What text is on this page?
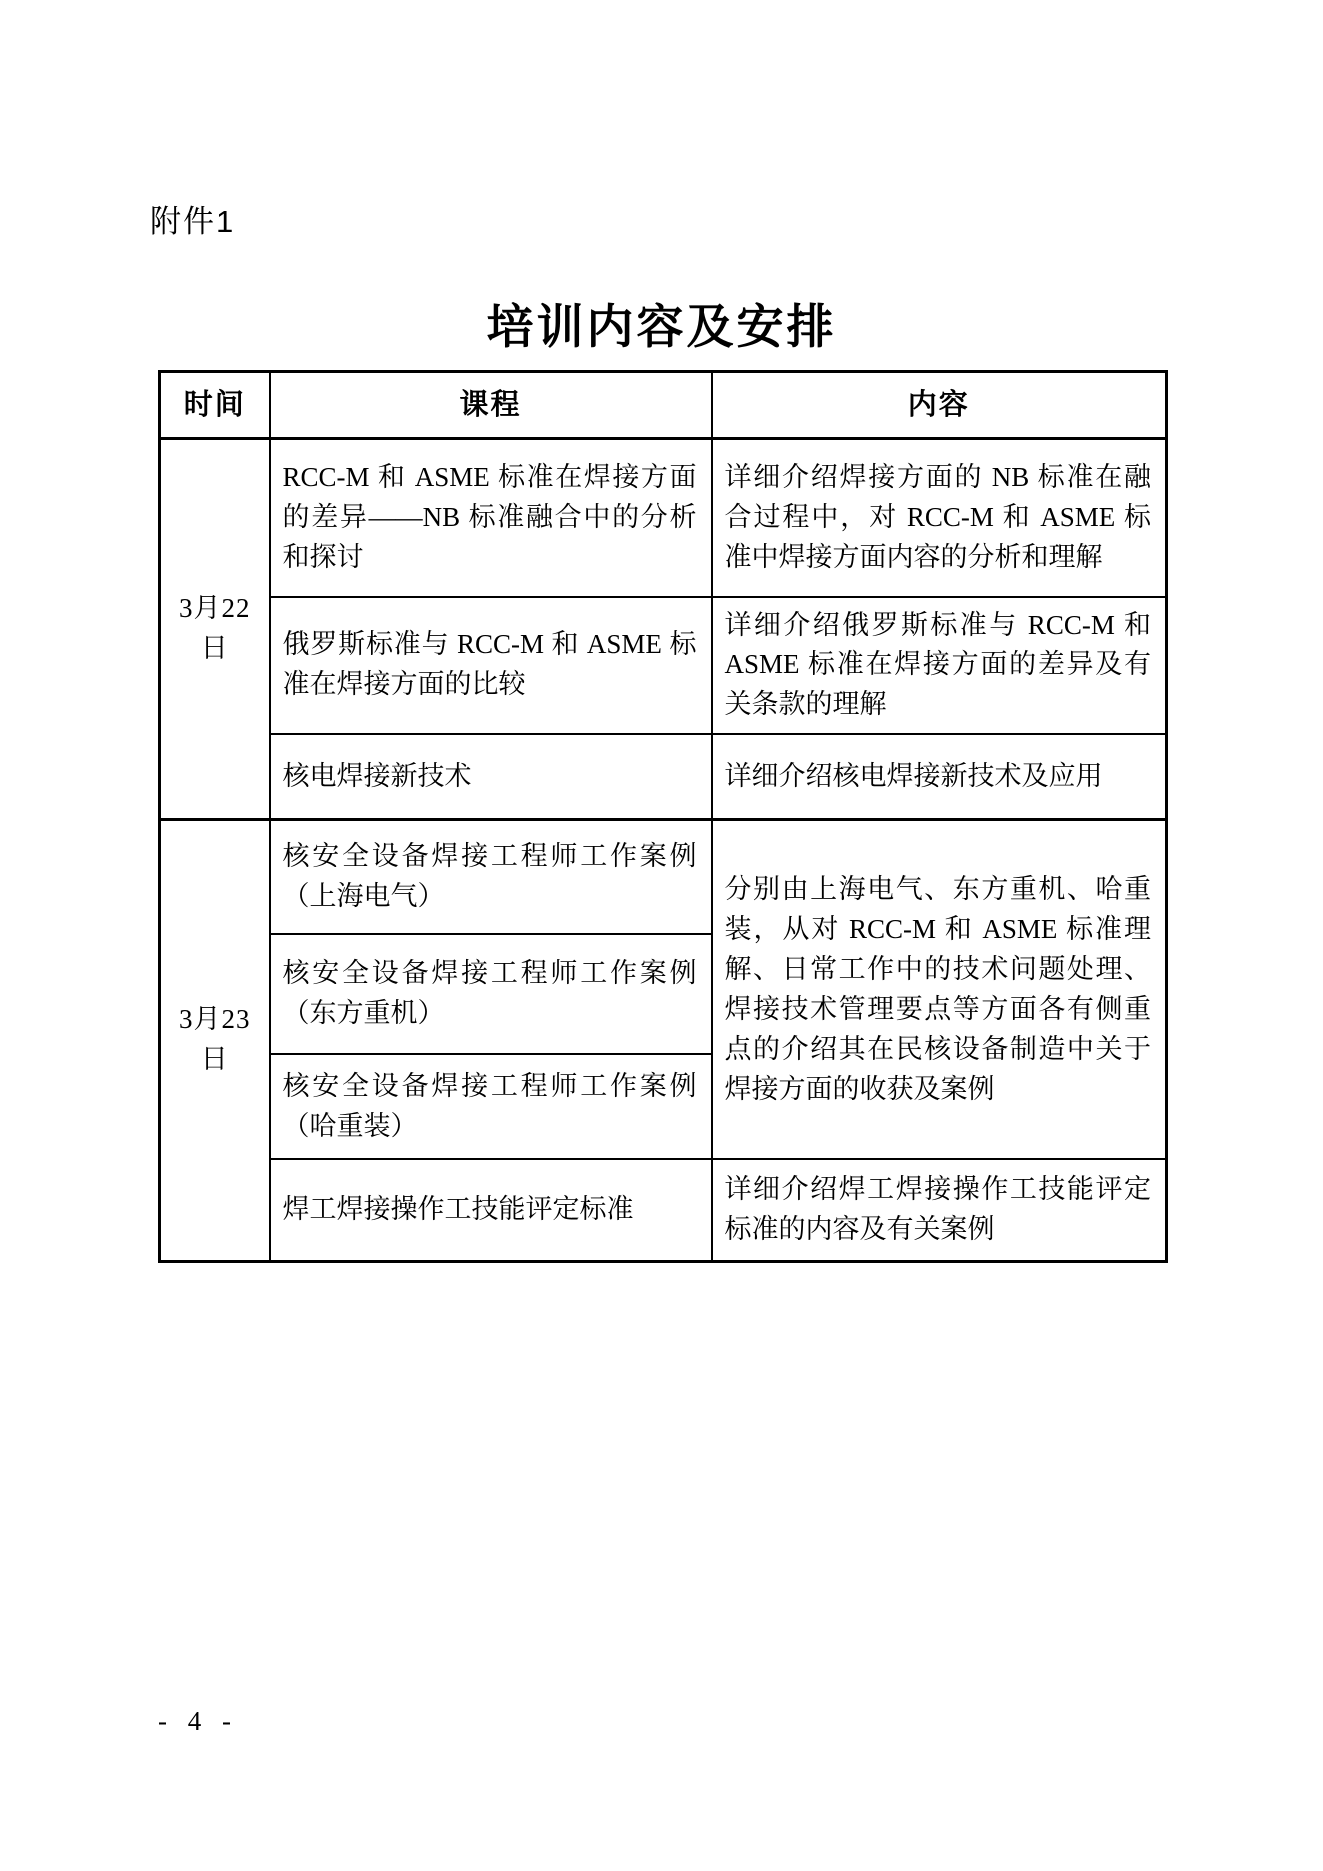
附件1
培训内容及安排
时间	课程	内容
3月22日	RCC-M 和 ASME 标准在焊接方面的差异——NB 标准融合中的分析和探讨	详细介绍焊接方面的 NB 标准在融合过程中，对 RCC-M 和 ASME 标准中焊接方面内容的分析和理解
	俄罗斯标准与 RCC-M 和 ASME 标准在焊接方面的比较	详细介绍俄罗斯标准与 RCC-M 和 ASME 标准在焊接方面的差异及有关条款的理解
	核电焊接新技术	详细介绍核电焊接新技术及应用
3月23日	核安全设备焊接工程师工作案例（上海电气）	分别由上海电气、东方重机、哈重装，从对 RCC-M 和 ASME 标准理解、日常工作中的技术问题处理、焊接技术管理要点等方面各有侧重点的介绍其在民核设备制造中关于焊接方面的收获及案例
	核安全设备焊接工程师工作案例（东方重机）	
	核安全设备焊接工程师工作案例（哈重装）	
	焊工焊接操作工技能评定标准	详细介绍焊工焊接操作工技能评定标准的内容及有关案例
- 4 -
